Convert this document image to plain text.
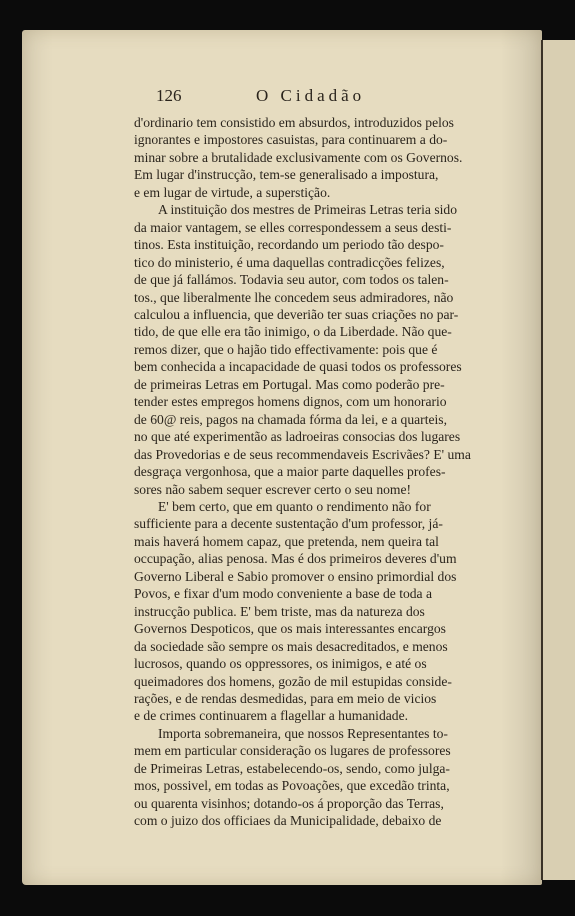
126	O Cidadão
d'ordinario tem consistido em absurdos, introduzidos pelos
ignorantes e impostores casuistas, para continuarem a do-
minar sobre a brutalidade exclusivamente com os Governos.
Em lugar d'instrucção, tem-se generalisado a impostura,
e em lugar de virtude, a superstição.
A instituição dos mestres de Primeiras Letras teria sido
da maior vantagem, se elles correspondessem a seus desti-
tinos. Esta instituição, recordando um periodo tão despo-
tico do ministerio, é uma daquellas contradicções felizes,
de que já fallámos. Todavia seu autor, com todos os talen-
tos., que liberalmente lhe concedem seus admiradores, não
calculou a influencia, que deverião ter suas criações no par-
tido, de que elle era tão inimigo, o da Liberdade. Não que-
remos dizer, que o hajão tido effectivamente: pois que é
bem conhecida a incapacidade de quasi todos os professores
de primeiras Letras em Portugal. Mas como poderão pre-
tender estes empregos homens dignos, com um honorario
de 60@ reis, pagos na chamada fórma da lei, e a quarteis,
no que até experimentão as ladroeiras consocias dos lugares
das Provedorias e de seus recommendaveis Escrivães? E' uma
desgraça vergonhosa, que a maior parte daquelles profes-
sores não sabem sequer escrever certo o seu nome!
E' bem certo, que em quanto o rendimento não for
sufficiente para a decente sustentação d'um professor, já-
mais haverá homem capaz, que pretenda, nem queira tal
occupação, alias penosa. Mas é dos primeiros deveres d'um
Governo Liberal e Sabio promover o ensino primordial dos
Povos, e fixar d'um modo conveniente a base de toda a
instrucção publica. E' bem triste, mas da natureza dos
Governos Despoticos, que os mais interessantes encargos
da sociedade são sempre os mais desacreditados, e menos
lucrosos, quando os oppressores, os inimigos, e até os
queimadores dos homens, gozão de mil estupidas conside-
rações, e de rendas desmedidas, para em meio de vicios
e de crimes continuarem a flagellar a humanidade.
Importa sobremaneira, que nossos Representantes to-
mem em particular consideração os lugares de professores
de Primeiras Letras, estabelecendo-os, sendo, como julga-
mos, possivel, em todas as Povoações, que excedão trinta,
ou quarenta visinhos; dotando-os á proporção das Terras,
com o juizo dos officiaes da Municipalidade, debaixo de
